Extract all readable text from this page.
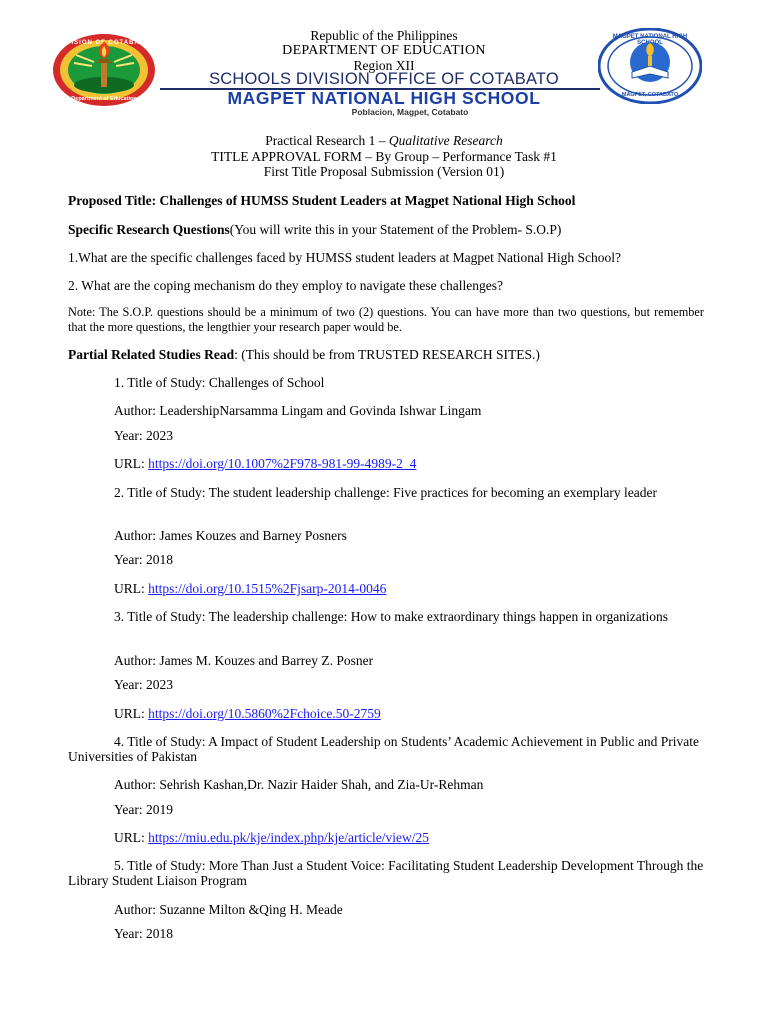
DIVISION OF COTABATO
Department of Education
MAGPET NATIONAL HIGH SCHOOL
MAGPET, COTABATO
Republic of the Philippines
DEPARTMENT OF EDUCATION
Region XII
SCHOOLS DIVISION OFFICE OF COTABATO
MAGPET NATIONAL HIGH SCHOOL
Poblacion, Magpet, Cotabato
Practical Research 1 – Qualitative Research
TITLE APPROVAL FORM – By Group – Performance Task #1
First Title Proposal Submission (Version 01)
Proposed Title: Challenges of HUMSS Student Leaders at Magpet National High School
Specific Research Questions(You will write this in your Statement of the Problem- S.O.P)
1.What are the specific challenges faced by HUMSS student leaders at Magpet National High School?
2. What are the coping mechanism do they employ to navigate these challenges?
Note: The S.O.P. questions should be a minimum of two (2) questions. You can have more than two questions, but remember that the more questions, the lengthier your research paper would be.
Partial Related Studies Read: (This should be from TRUSTED RESEARCH SITES.)
1. Title of Study: Challenges of School
Author: LeadershipNarsamma Lingam and Govinda Ishwar Lingam
Year: 2023
URL: https://doi.org/10.1007%2F978-981-99-4989-2_4
2. Title of Study: The student leadership challenge: Five practices for becoming an exemplary leader
Author: James Kouzes and Barney Posners
Year: 2018
URL: https://doi.org/10.1515%2Fjsarp-2014-0046
3. Title of Study: The leadership challenge: How to make extraordinary things happen in organizations
Author: James M. Kouzes and Barrey Z. Posner
Year: 2023
URL: https://doi.org/10.5860%2Fchoice.50-2759
4. Title of Study: A Impact of Student Leadership on Students’ Academic Achievement in Public and Private Universities of Pakistan
Author: Sehrish Kashan,Dr. Nazir Haider Shah, and Zia-Ur-Rehman
Year: 2019
URL: https://miu.edu.pk/kje/index.php/kje/article/view/25
5. Title of Study: More Than Just a Student Voice: Facilitating Student Leadership Development Through the Library Student Liaison Program
Author: Suzanne Milton &Qing H. Meade
Year: 2018
